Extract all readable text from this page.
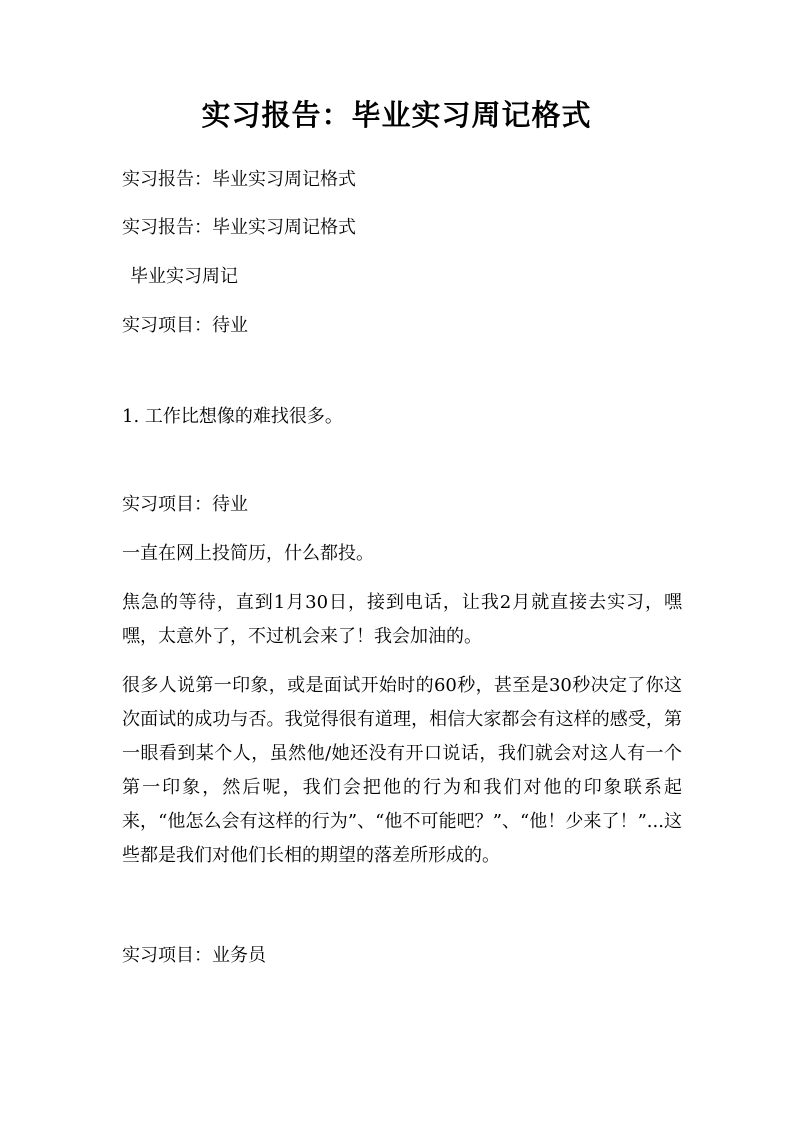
实习报告：毕业实习周记格式
实习报告：毕业实习周记格式
实习报告：毕业实习周记格式
毕业实习周记
实习项目：待业
1. 工作比想像的难找很多。
实习项目：待业
一直在网上投简历，什么都投。
焦急的等待，直到1月30日，接到电话，让我2月就直接去实习，嘿嘿，太意外了，不过机会来了！我会加油的。
很多人说第一印象，或是面试开始时的60秒，甚至是30秒决定了你这次面试的成功与否。我觉得很有道理，相信大家都会有这样的感受，第一眼看到某个人，虽然他/她还没有开口说话，我们就会对这人有一个第一印象，然后呢，我们会把他的行为和我们对他的印象联系起来，“他怎么会有这样的行为”、“他不可能吧？”、“他！少来了！”...这些都是我们对他们长相的期望的落差所形成的。
实习项目：业务员
